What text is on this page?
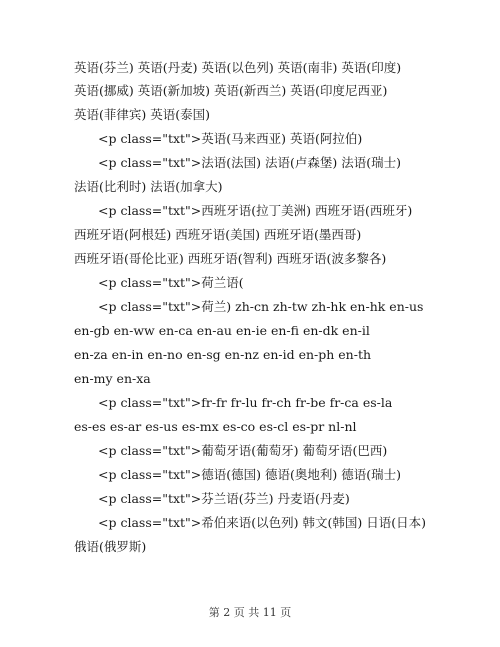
英语(芬兰) 英语(丹麦) 英语(以色列) 英语(南非) 英语(印度)
英语(挪威) 英语(新加坡) 英语(新西兰) 英语(印度尼西亚)
英语(菲律宾) 英语(泰国)
<p class="txt">英语(马来西亚) 英语(阿拉伯)
<p class="txt">法语(法国) 法语(卢森堡) 法语(瑞士)
法语(比利时) 法语(加拿大)
<p class="txt">西班牙语(拉丁美洲) 西班牙语(西班牙)
西班牙语(阿根廷) 西班牙语(美国) 西班牙语(墨西哥)
西班牙语(哥伦比亚) 西班牙语(智利) 西班牙语(波多黎各)
<p class="txt">荷兰语(
<p class="txt">荷兰) zh-cn zh-tw zh-hk en-hk en-us
en-gb en-ww en-ca en-au en-ie en-fi en-dk en-il
en-za en-in en-no en-sg en-nz en-id en-ph en-th
en-my en-xa
<p class="txt">fr-fr fr-lu fr-ch fr-be fr-ca es-la
es-es es-ar es-us es-mx es-co es-cl es-pr nl-nl
<p class="txt">葡萄牙语(葡萄牙) 葡萄牙语(巴西)
<p class="txt">德语(德国) 德语(奥地利) 德语(瑞士)
<p class="txt">芬兰语(芬兰) 丹麦语(丹麦)
<p class="txt">希伯来语(以色列) 韩文(韩国) 日语(日本)
俄语(俄罗斯)
第 2 页 共 11 页
